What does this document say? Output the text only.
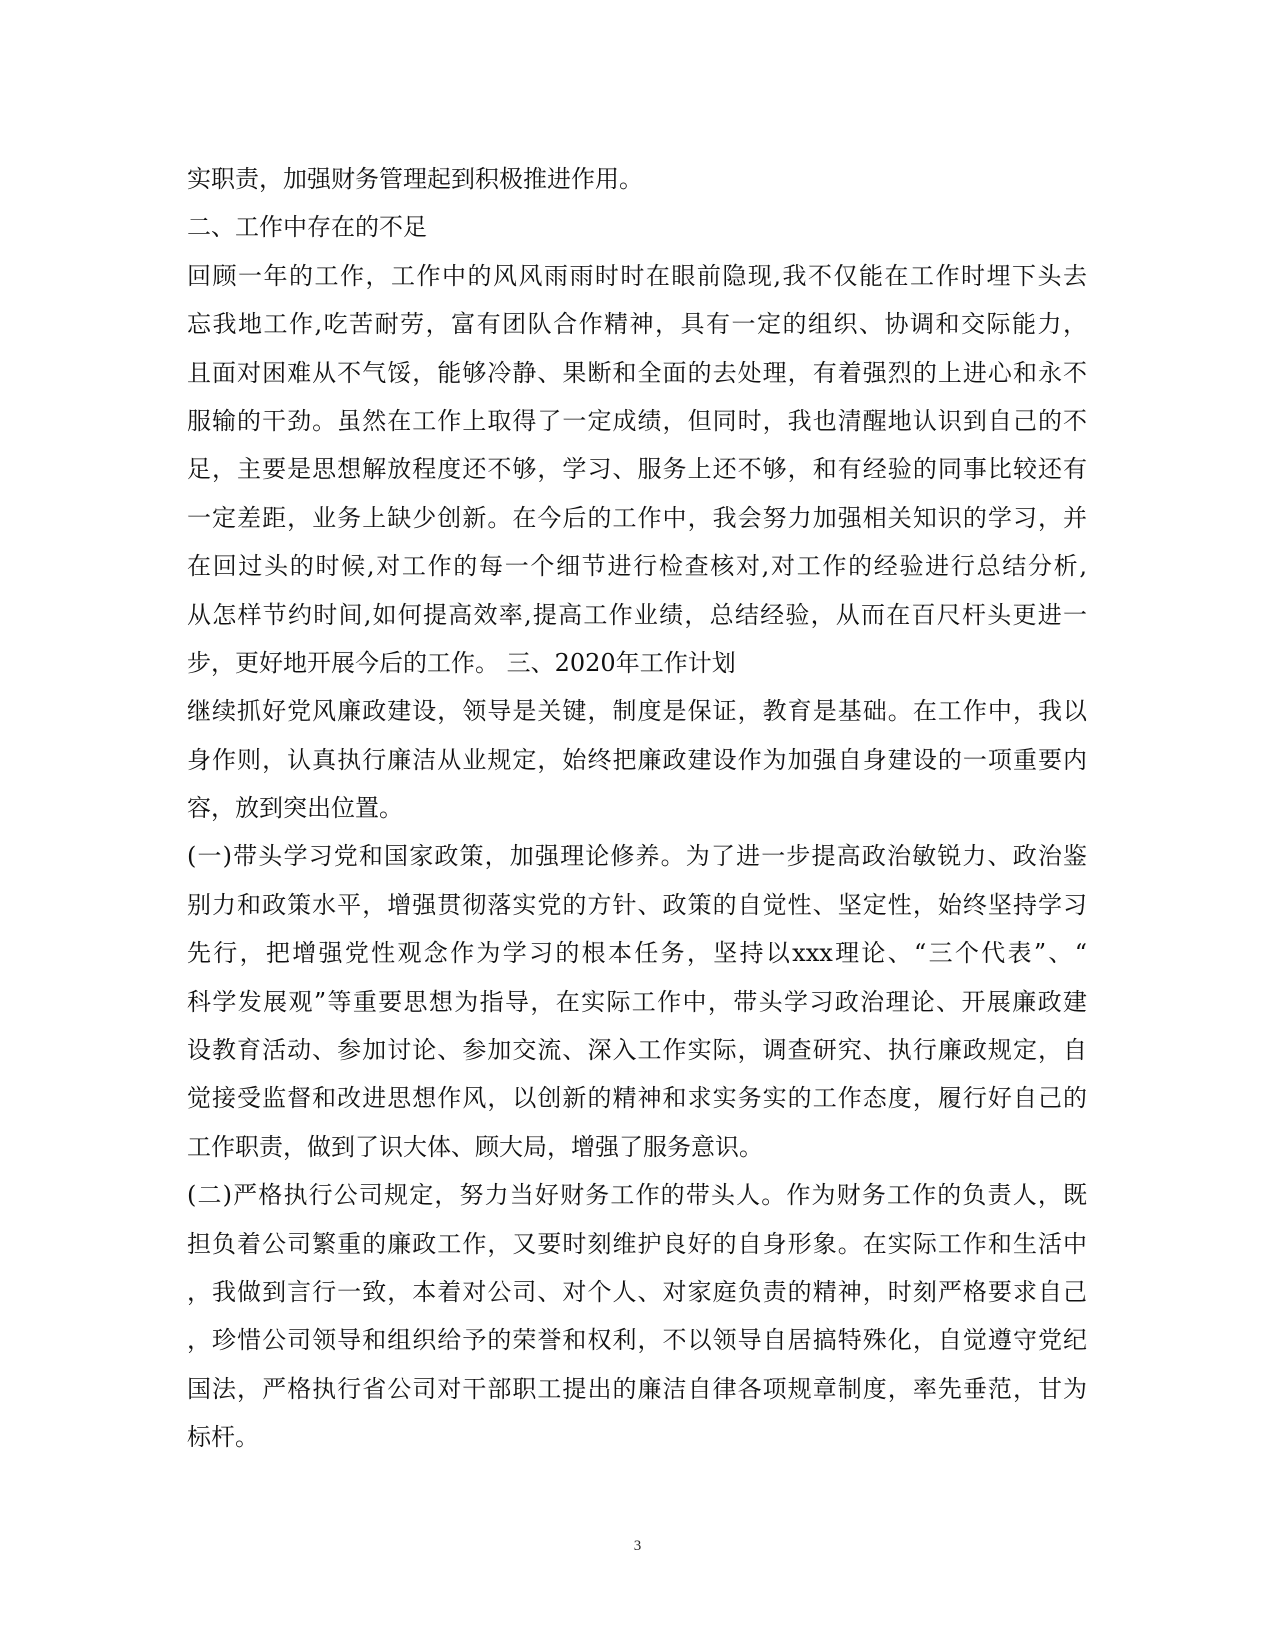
实职责，加强财务管理起到积极推进作用。
二、工作中存在的不足
回顾一年的工作，工作中的风风雨雨时时在眼前隐现,我不仅能在工作时埋下头去
忘我地工作,吃苦耐劳，富有团队合作精神，具有一定的组织、协调和交际能力，
且面对困难从不气馁，能够冷静、果断和全面的去处理，有着强烈的上进心和永不
服输的干劲。虽然在工作上取得了一定成绩，但同时，我也清醒地认识到自己的不
足，主要是思想解放程度还不够，学习、服务上还不够，和有经验的同事比较还有
一定差距，业务上缺少创新。在今后的工作中，我会努力加强相关知识的学习，并
在回过头的时候,对工作的每一个细节进行检查核对,对工作的经验进行总结分析,
从怎样节约时间,如何提高效率,提高工作业绩，总结经验，从而在百尺杆头更进一
步，更好地开展今后的工作。 三、2020年工作计划
继续抓好党风廉政建设，领导是关键，制度是保证，教育是基础。在工作中，我以
身作则，认真执行廉洁从业规定，始终把廉政建设作为加强自身建设的一项重要内
容，放到突出位置。
(一)带头学习党和国家政策，加强理论修养。为了进一步提高政治敏锐力、政治鉴
别力和政策水平，增强贯彻落实党的方针、政策的自觉性、坚定性，始终坚持学习
先行，把增强党性观念作为学习的根本任务，坚持以xxx理论、“三个代表”、“
科学发展观”等重要思想为指导，在实际工作中，带头学习政治理论、开展廉政建
设教育活动、参加讨论、参加交流、深入工作实际，调查研究、执行廉政规定，自
觉接受监督和改进思想作风，以创新的精神和求实务实的工作态度，履行好自己的
工作职责，做到了识大体、顾大局，增强了服务意识。
(二)严格执行公司规定，努力当好财务工作的带头人。作为财务工作的负责人，既
担负着公司繁重的廉政工作，又要时刻维护良好的自身形象。在实际工作和生活中
，我做到言行一致，本着对公司、对个人、对家庭负责的精神，时刻严格要求自己
，珍惜公司领导和组织给予的荣誉和权利，不以领导自居搞特殊化，自觉遵守党纪
国法，严格执行省公司对干部职工提出的廉洁自律各项规章制度，率先垂范，甘为
标杆。
3
